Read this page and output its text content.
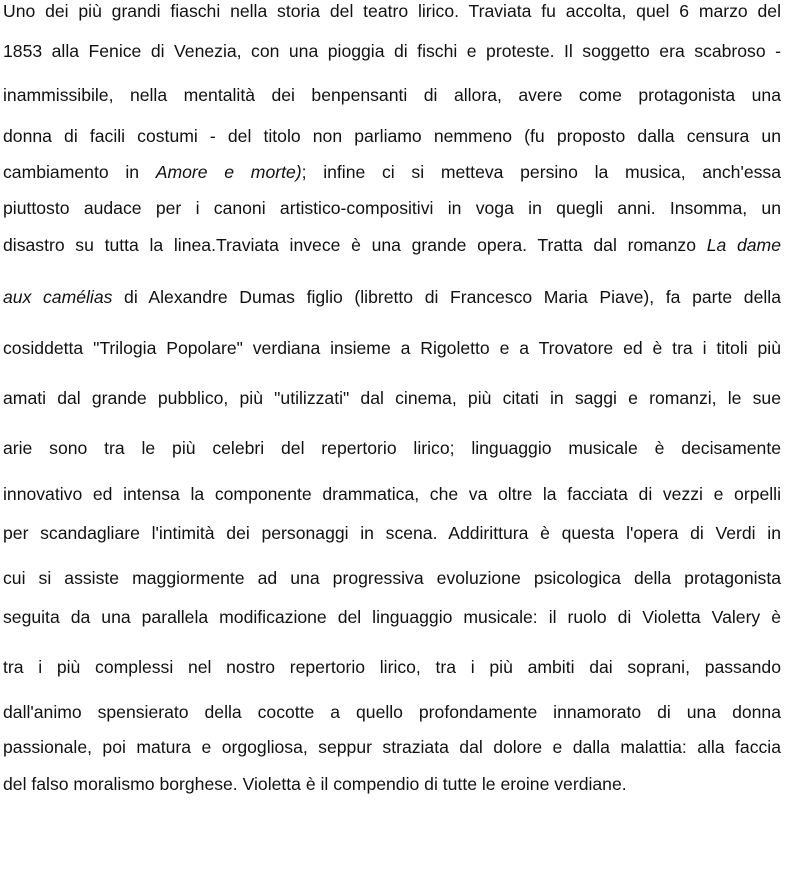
Uno dei più grandi fiaschi nella storia del teatro lirico. Traviata fu accolta, quel 6 marzo del
1853 alla Fenice di Venezia, con una pioggia di fischi e proteste. Il soggetto era scabroso -
inammissibile, nella mentalità dei benpensanti di allora, avere come protagonista una
donna di facili costumi - del titolo non parliamo nemmeno (fu proposto dalla censura un
cambiamento in Amore e morte); infine ci si metteva persino la musica, anch'essa
piuttosto audace per i canoni artistico-compositivi in voga in quegli anni. Insomma, un
disastro su tutta la linea.Traviata invece è una grande opera. Tratta dal romanzo La dame
aux camélias di Alexandre Dumas figlio (libretto di Francesco Maria Piave), fa parte della
cosiddetta "Trilogia Popolare" verdiana insieme a Rigoletto e a Trovatore ed è tra i titoli più
amati dal grande pubblico, più "utilizzati" dal cinema, più citati in saggi e romanzi, le sue
arie sono tra le più celebri del repertorio lirico; linguaggio musicale è decisamente
innovativo ed intensa la componente drammatica, che va oltre la facciata di vezzi e orpelli
per scandagliare l'intimità dei personaggi in scena. Addirittura è questa l'opera di Verdi in
cui si assiste maggiormente ad una progressiva evoluzione psicologica della protagonista
seguita da una parallela modificazione del linguaggio musicale: il ruolo di Violetta Valery è
tra i più complessi nel nostro repertorio lirico, tra i più ambiti dai soprani, passando
dall'animo spensierato della cocotte a quello profondamente innamorato di una donna
passionale, poi matura e orgogliosa, seppur straziata dal dolore e dalla malattia: alla faccia
del falso moralismo borghese. Violetta è il compendio di tutte le eroine verdiane.
